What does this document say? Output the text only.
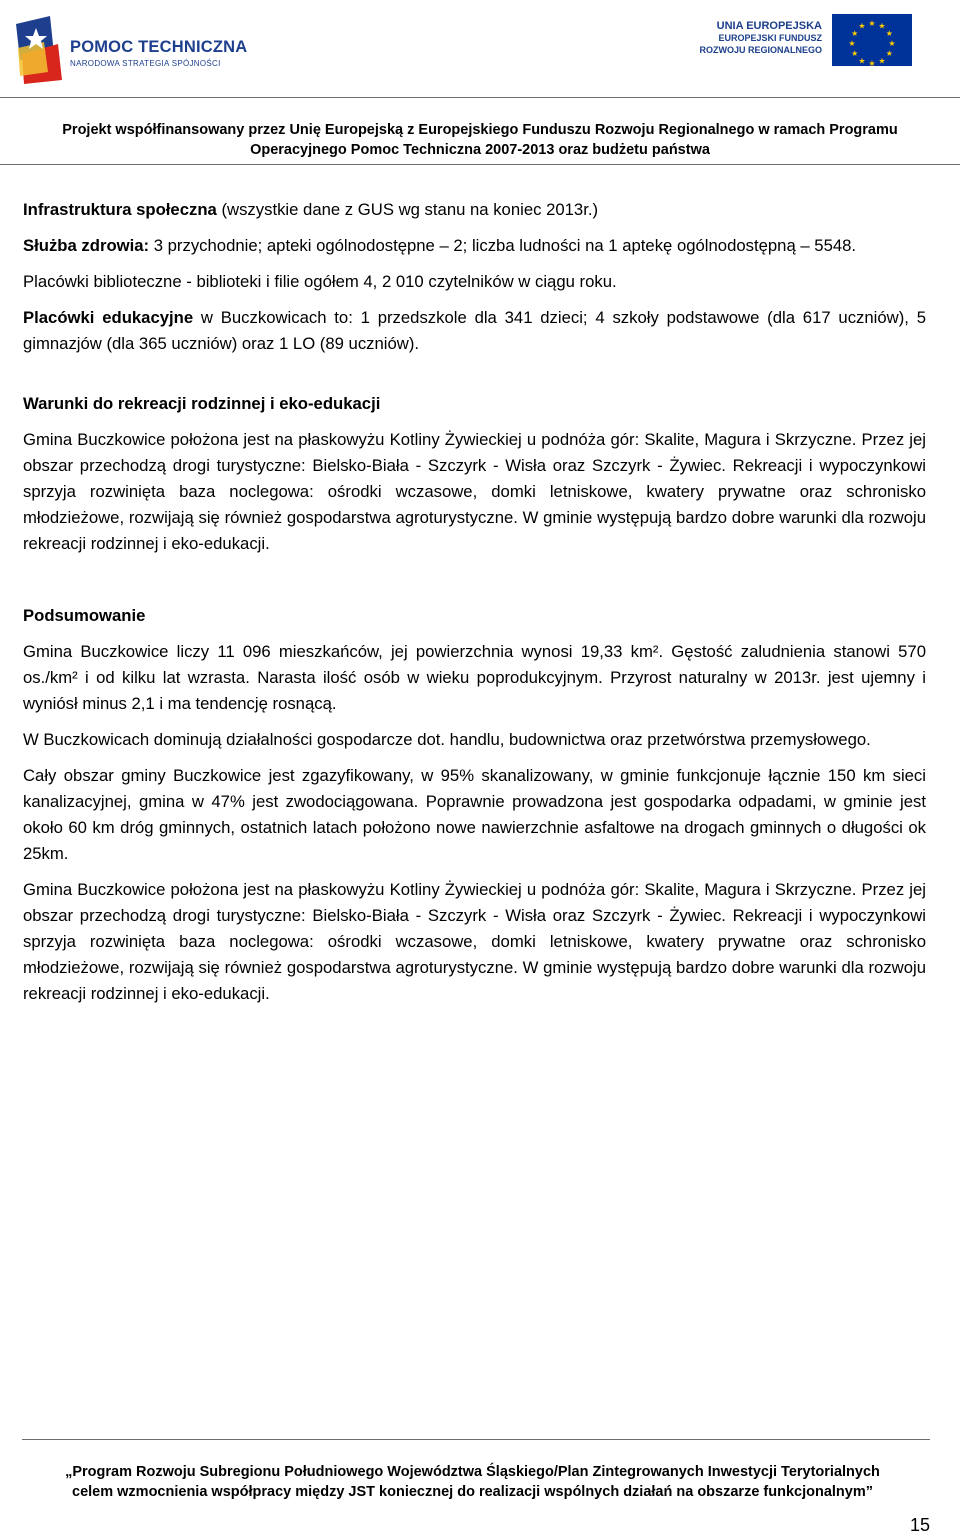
POMOC TECHNICZNA
NARODOWA STRATEGIA SPÓJNOŚCI
UNIA EUROPEJSKA
EUROPEJSKI FUNDUSZ
ROZWOJU REGIONALNEGO
★ ★
★
★
★
★
★
★
★
★
★
★
Projekt współfinansowany przez Unię Europejską z Europejskiego Funduszu Rozwoju Regionalnego w ramach Programu
Operacyjnego Pomoc Techniczna 2007-2013 oraz budżetu państwa

Infrastruktura społeczna (wszystkie dane z GUS wg stanu na koniec 2013r.)

Służba zdrowia: 3 przychodnie; apteki ogólnodostępne – 2; liczba ludności na 1 aptekę ogólnodostępną – 5548.

Placówki biblioteczne - biblioteki i filie ogółem 4, 2 010 czytelników w ciągu roku.

Placówki edukacyjne w Buczkowicach to: 1 przedszkole dla 341 dzieci; 4 szkoły podstawowe (dla 617 uczniów), 5 gimnazjów (dla 365 uczniów) oraz 1 LO (89 uczniów).

Warunki do rekreacji rodzinnej i eko-edukacji

Gmina Buczkowice położona jest na płaskowyżu Kotliny Żywieckiej u podnóża gór: Skalite, Magura i Skrzyczne. Przez jej obszar przechodzą drogi turystyczne: Bielsko-Biała - Szczyrk - Wisła oraz Szczyrk - Żywiec. Rekreacji i wypoczynkowi sprzyja rozwinięta baza noclegowa: ośrodki wczasowe, domki letniskowe, kwatery prywatne oraz schronisko młodzieżowe, rozwijają się również gospodarstwa agroturystyczne. W gminie występują bardzo dobre warunki dla rozwoju rekreacji rodzinnej i eko-edukacji.

Podsumowanie

Gmina Buczkowice liczy 11 096 mieszkańców, jej powierzchnia wynosi 19,33 km². Gęstość zaludnienia stanowi 570 os./km² i od kilku lat wzrasta. Narasta ilość osób w wieku poprodukcyjnym. Przyrost naturalny w 2013r. jest ujemny i wyniósł minus 2,1 i ma tendencję rosnącą.

W Buczkowicach dominują działalności gospodarcze dot. handlu, budownictwa oraz przetwórstwa przemysłowego.

Cały obszar gminy Buczkowice jest zgazyfikowany, w 95% skanalizowany, w gminie funkcjonuje łącznie 150 km sieci kanalizacyjnej, gmina w 47% jest zwodociągowana. Poprawnie prowadzona jest gospodarka odpadami, w gminie jest około 60 km dróg gminnych, ostatnich latach położono nowe nawierzchnie asfaltowe na drogach gminnych o długości ok 25km.

Gmina Buczkowice położona jest na płaskowyżu Kotliny Żywieckiej u podnóża gór: Skalite, Magura i Skrzyczne. Przez jej obszar przechodzą drogi turystyczne: Bielsko-Biała - Szczyrk - Wisła oraz Szczyrk - Żywiec. Rekreacji i wypoczynkowi sprzyja rozwinięta baza noclegowa: ośrodki wczasowe, domki letniskowe, kwatery prywatne oraz schronisko młodzieżowe, rozwijają się również gospodarstwa agroturystyczne. W gminie występują bardzo dobre warunki dla rozwoju rekreacji rodzinnej i eko-edukacji.

„Program Rozwoju Subregionu Południowego Województwa Śląskiego/Plan Zintegrowanych Inwestycji Terytorialnych
celem wzmocnienia współpracy między JST koniecznej do realizacji wspólnych działań na obszarze funkcjonalnym”
15
